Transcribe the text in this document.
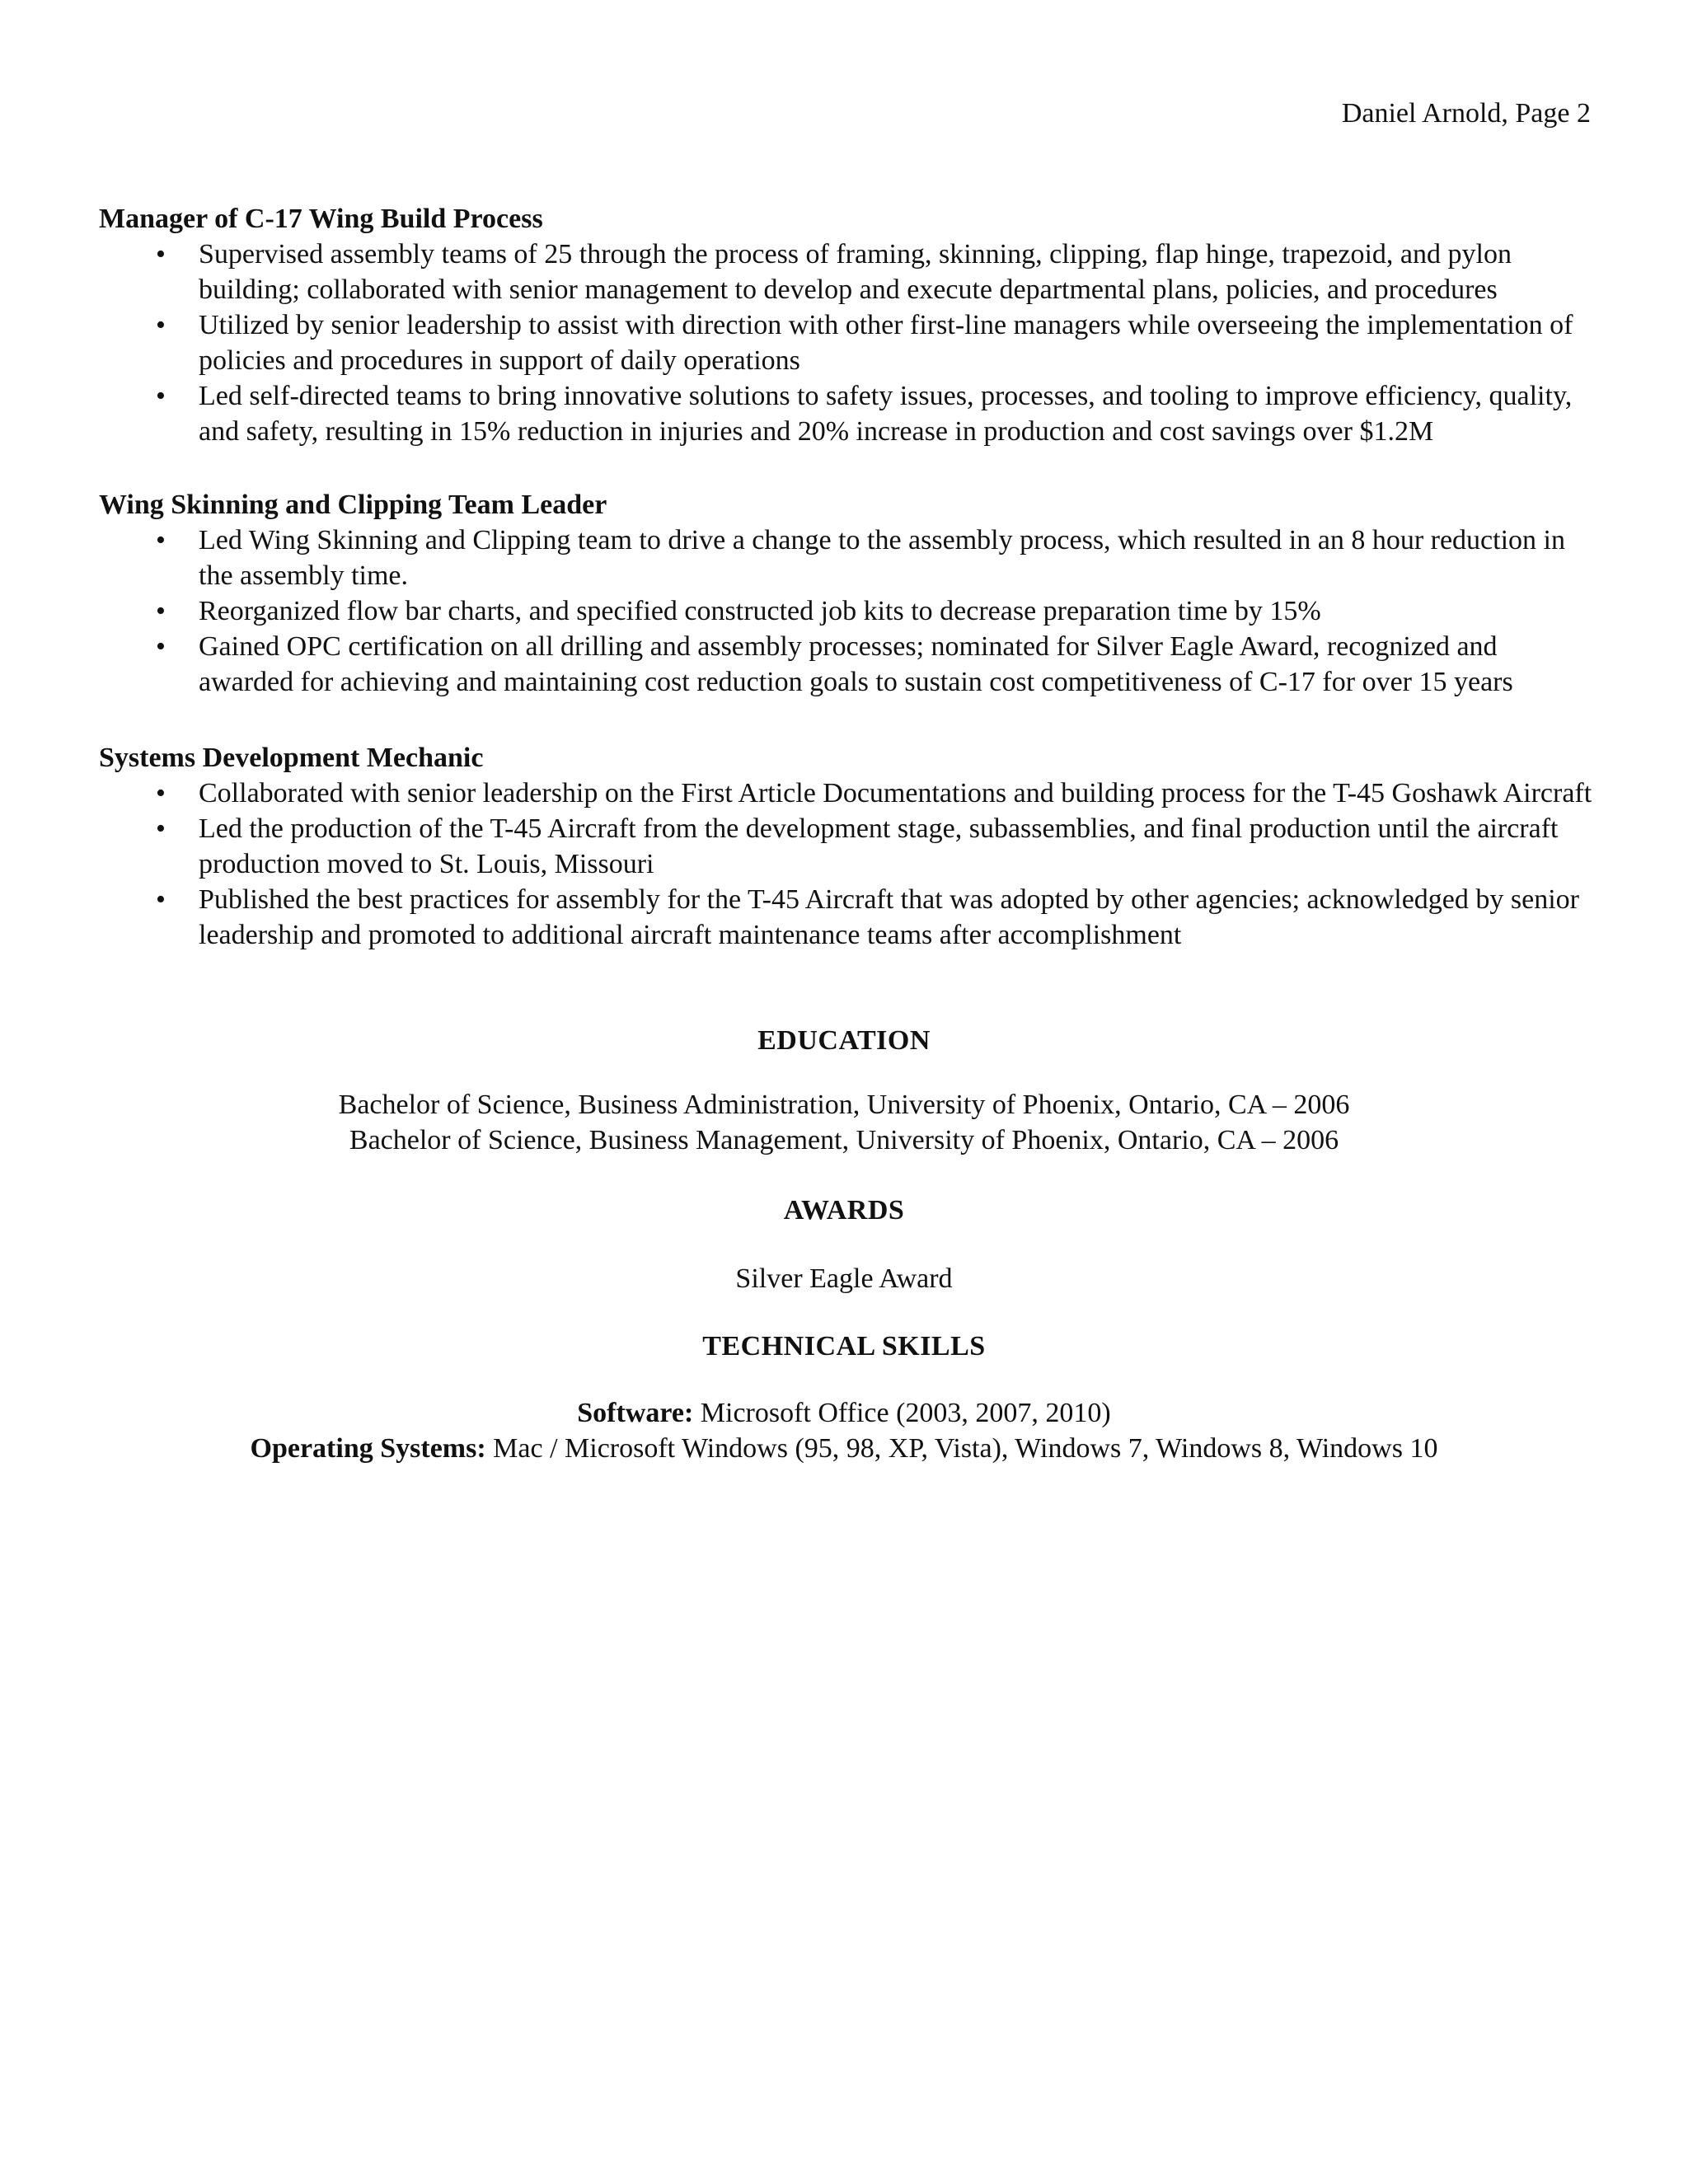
Daniel Arnold, Page 2

Manager of C-17 Wing Build Process

• Supervised assembly teams of 25 through the process of framing, skinning, clipping, flap hinge, trapezoid, and pylon building; collaborated with senior management to develop and execute departmental plans, policies, and procedures
• Utilized by senior leadership to assist with direction with other first-line managers while overseeing the implementation of policies and procedures in support of daily operations
• Led self-directed teams to bring innovative solutions to safety issues, processes, and tooling to improve efficiency, quality, and safety, resulting in 15% reduction in injuries and 20% increase in production and cost savings over $1.2M

Wing Skinning and Clipping Team Leader

• Led Wing Skinning and Clipping team to drive a change to the assembly process, which resulted in an 8 hour reduction in the assembly time.
• Reorganized flow bar charts, and specified constructed job kits to decrease preparation time by 15%
• Gained OPC certification on all drilling and assembly processes; nominated for Silver Eagle Award, recognized and awarded for achieving and maintaining cost reduction goals to sustain cost competitiveness of C-17 for over 15 years

Systems Development Mechanic

• Collaborated with senior leadership on the First Article Documentations and building process for the T-45 Goshawk Aircraft
• Led the production of the T-45 Aircraft from the development stage, subassemblies, and final production until the aircraft production moved to St. Louis, Missouri
• Published the best practices for assembly for the T-45 Aircraft that was adopted by other agencies; acknowledged by senior leadership and promoted to additional aircraft maintenance teams after accomplishment

EDUCATION

Bachelor of Science, Business Administration, University of Phoenix, Ontario, CA – 2006
Bachelor of Science, Business Management, University of Phoenix, Ontario, CA – 2006

AWARDS

Silver Eagle Award

TECHNICAL SKILLS

Software: Microsoft Office (2003, 2007, 2010)
Operating Systems: Mac / Microsoft Windows (95, 98, XP, Vista), Windows 7, Windows 8, Windows 10
